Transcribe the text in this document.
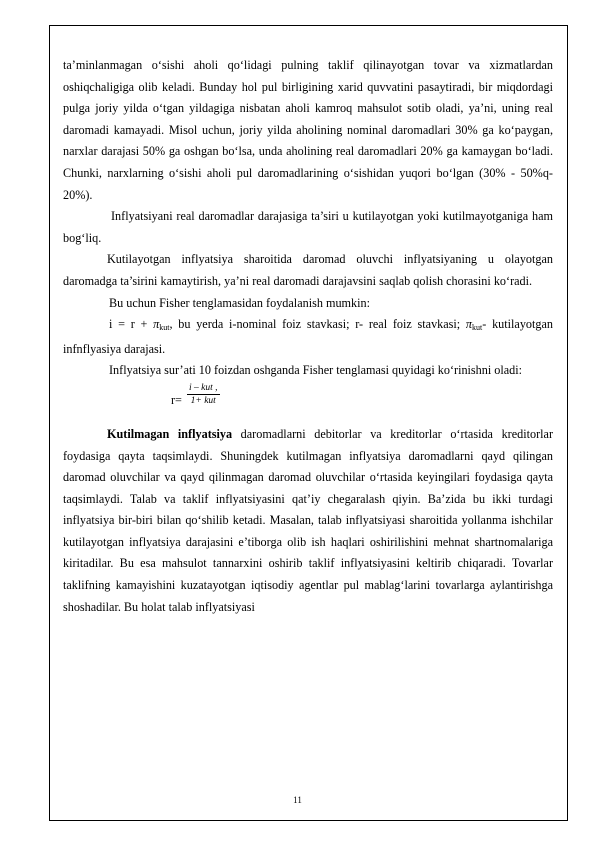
ta’minlanmagan o‘sishi aholi qo‘lidagi pulning taklif qilinayotgan tovar va xizmatlardan oshiqchaligiga olib keladi. Bunday hol pul birligining xarid quvvatini pasaytiradi, bir miqdordagi pulga joriy yilda o‘tgan yildagiga nisbatan aholi kamroq mahsulot sotib oladi, ya’ni, uning real daromadi kamayadi. Misol uchun, joriy yilda aholining nominal daromadlari 30% ga ko‘paygan, narxlar darajasi 50% ga oshgan bo‘lsa, unda aholining real daromadlari 20% ga kamaygan bo‘ladi. Chunki, narxlarning o‘sishi aholi pul daromadlarining o‘sishidan yuqori bo‘lgan (30% - 50%q-20%).

Inflyatsiyani real daromadlar darajasiga ta’siri u kutilayotgan yoki kutilmayotganiga ham bog‘liq.

Kutilayotgan inflyatsiya sharoitida daromad oluvchi inflyatsiyaning u olayotgan daromadga ta’sirini kamaytirish, ya’ni real daromadi darajavsini saqlab qolish chorasini ko‘radi.

Bu uchun Fisher tenglamasidan foydalanish mumkin:

$i = r + \pi_{kut}$, bu yerda i-nominal foiz stavkasi; r- real foiz stavkasi; $\pi_{kut}-$ kutilayotgan infnflyasiya darajasi.

Inflyatsiya sur’ati 10 foizdan oshganda Fisher tenglamasi quyidagi ko‘rinishni oladi:

r=
i – kut ,
1+ kut

Kutilmagan inflyatsiya daromadlarni debitorlar va kreditorlar o‘rtasida kreditorlar foydasiga qayta taqsimlaydi. Shuningdek kutilmagan inflyatsiya daromadlarni qayd qilingan daromad oluvchilar va qayd qilinmagan daromad oluvchilar o‘rtasida keyingilari foydasiga qayta taqsimlaydi. Talab va taklif inflyatsiyasini qat’iy chegaralash qiyin. Ba’zida bu ikki turdagi inflyatsiya bir-biri bilan qo‘shilib ketadi. Masalan, talab inflyatsiyasi sharoitida yollanma ishchilar kutilayotgan inflyatsiya darajasini e’tiborga olib ish haqlari oshirilishini mehnat shartnomalariga kiritadilar. Bu esa mahsulot tannarxini oshirib taklif inflyatsiyasini keltirib chiqaradi. Tovarlar taklifning kamayishini kuzatayotgan iqtisodiy agentlar pul mablag‘larini tovarlarga aylantirishga shoshadilar. Bu holat talab inflyatsiyasi

11
